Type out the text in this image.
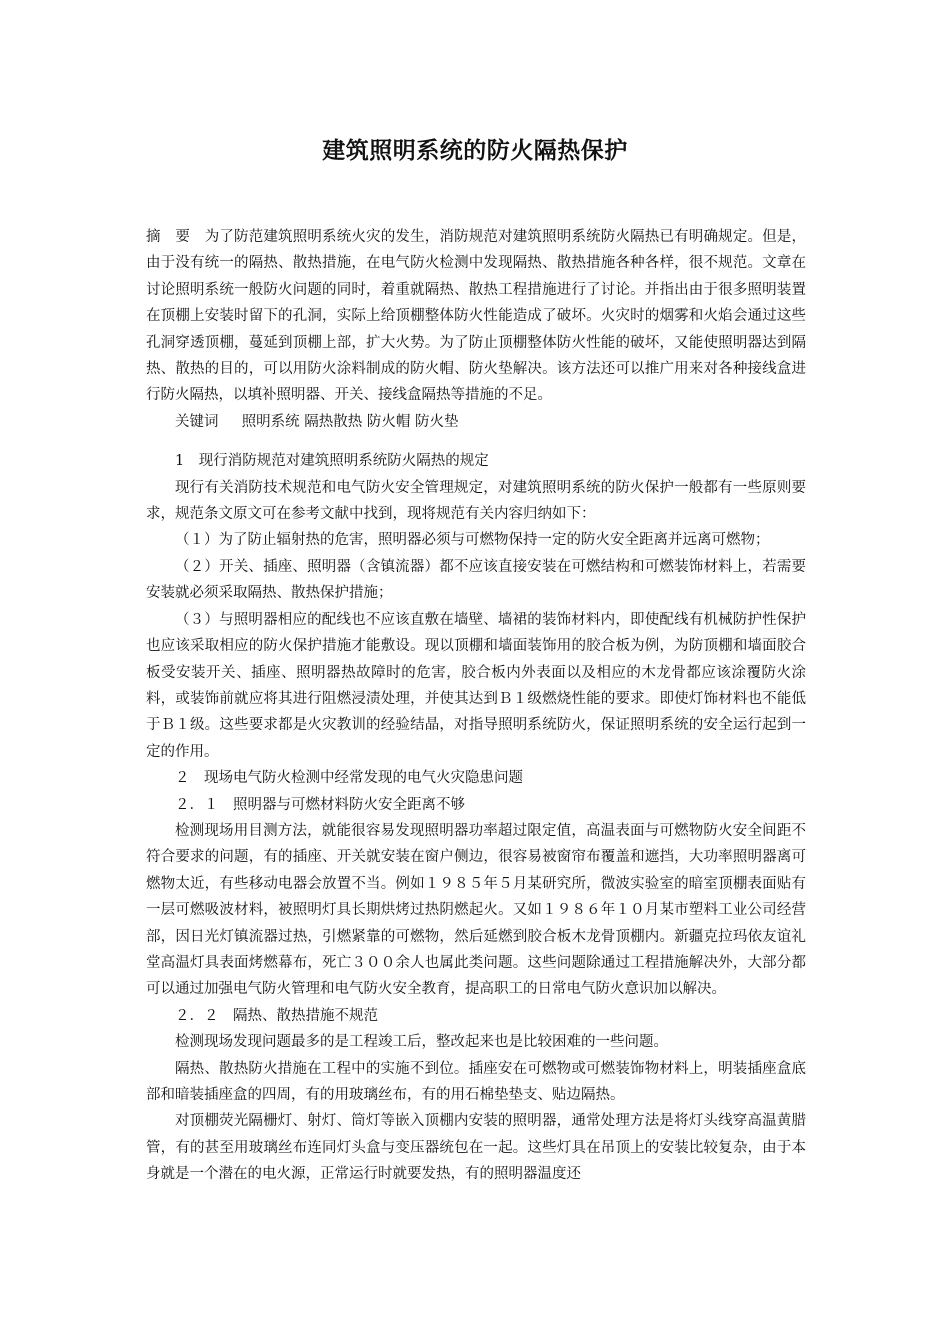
建筑照明系统的防火隔热保护

摘　要　 为了防范建筑照明系统火灾的发生，消防规范对建筑照明系统防火隔热已有明确规定。但是，由于没有统一的隔热、散热措施，在电气防火检测中发现隔热、散热措施各种各样，很不规范。文章在讨论照明系统一般防火问题的同时，着重就隔热、散热工程措施进行了讨论。并指出由于很多照明装置在顶棚上安装时留下的孔洞，实际上给顶棚整体防火性能造成了破坏。火灾时的烟雾和火焰会通过这些孔洞穿透顶棚，蔓延到顶棚上部，扩大火势。为了防止顶棚整体防火性能的破坏，又能使照明器达到隔热、散热的目的，可以用防火涂料制成的防火帽、防火垫解决。该方法还可以推广用来对各种接线盒进行防火隔热，以填补照明器、开关、接线盒隔热等措施的不足。

关键词　 照明系统 隔热散热 防火帽 防火垫

1　现行消防规范对建筑照明系统防火隔热的规定

现行有关消防技术规范和电气防火安全管理规定，对建筑照明系统的防火保护一般都有一些原则要求，规范条文原文可在参考文献中找到，现将规范有关内容归纳如下：

（１）为了防止辐射热的危害，照明器必须与可燃物保持一定的防火安全距离并远离可燃物；

（２）开关、插座、照明器（含镇流器）都不应该直接安装在可燃结构和可燃装饰材料上，若需要安装就必须采取隔热、散热保护措施；

（３）与照明器相应的配线也不应该直敷在墙壁、墙裙的装饰材料内，即使配线有机械防护性保护也应该采取相应的防火保护措施才能敷设。现以顶棚和墙面装饰用的胶合板为例，为防顶棚和墙面胶合板受安装开关、插座、照明器热故障时的危害，胶合板内外表面以及相应的木龙骨都应该涂覆防火涂料，或装饰前就应将其进行阻燃浸渍处理，并使其达到Ｂ１级燃烧性能的要求。即使灯饰材料也不能低于Ｂ１级。这些要求都是火灾教训的经验结晶，对指导照明系统防火，保证照明系统的安全运行起到一定的作用。

２　现场电气防火检测中经常发现的电气火灾隐患问题

２．１　照明器与可燃材料防火安全距离不够

检测现场用目测方法，就能很容易发现照明器功率超过限定值，高温表面与可燃物防火安全间距不符合要求的问题，有的插座、开关就安装在窗户侧边，很容易被窗帘布覆盖和遮挡，大功率照明器离可燃物太近，有些移动电器会放置不当。例如１９８５年５月某研究所，微波实验室的暗室顶棚表面贴有一层可燃吸波材料，被照明灯具长期烘烤过热阴燃起火。又如１９８６年１０月某市塑料工业公司经营部，因日光灯镇流器过热，引燃紧靠的可燃物，然后延燃到胶合板木龙骨顶棚内。新疆克拉玛依友谊礼堂高温灯具表面烤燃幕布，死亡３００余人也属此类问题。这些问题除通过工程措施解决外，大部分都可以通过加强电气防火管理和电气防火安全教育，提高职工的日常电气防火意识加以解决。

２．２　隔热、散热措施不规范

检测现场发现问题最多的是工程竣工后，整改起来也是比较困难的一些问题。

隔热、散热防火措施在工程中的实施不到位。插座安在可燃物或可燃装饰物材料上，明装插座盒底部和暗装插座盒的四周，有的用玻璃丝布，有的用石棉垫垫支、贴边隔热。

对顶棚荧光隔栅灯、射灯、筒灯等嵌入顶棚内安装的照明器，通常处理方法是将灯头线穿高温黄腊管，有的甚至用玻璃丝布连同灯头盒与变压器统包在一起。这些灯具在吊顶上的安装比较复杂，由于本身就是一个潜在的电火源，正常运行时就要发热，有的照明器温度还
